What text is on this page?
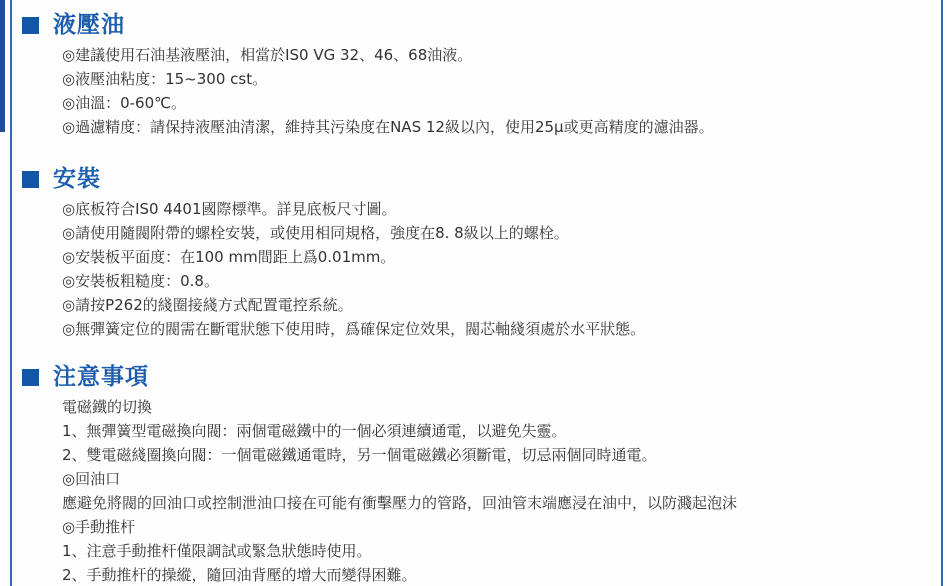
液壓油

◎建議使用石油基液壓油，相當於IS0 VG 32、46、68油液。

◎液壓油粘度：15~300 cst。

◎油溫：0-60℃。

◎過濾精度：請保持液壓油清潔，維持其污染度在NAS 12級以內，使用25μ或更高精度的濾油器。

安裝

◎底板符合IS0 4401國際標準。詳見底板尺寸圖。

◎請使用隨閥附帶的螺栓安裝，或使用相同規格，強度在8. 8級以上的螺栓。

◎安裝板平面度：在100 mm間距上爲0.01mm。

◎安裝板粗糙度：0.8。

◎請按P262的綫圈接綫方式配置電控系統。

◎無彈簧定位的閥需在斷電狀態下使用時，爲確保定位效果，閥芯軸綫須處於水平狀態。

注意事項

電磁鐵的切換

1、無彈簧型電磁換向閥：兩個電磁鐵中的一個必須連續通電，以避免失靈。

2、雙電磁綫圈換向閥：一個電磁鐵通電時，另一個電磁鐵必須斷電，切忌兩個同時通電。

◎回油口

應避免將閥的回油口或控制泄油口接在可能有衝擊壓力的管路，回油管末端應浸在油中，以防濺起泡沫

◎手動推杆

1、注意手動推杆僅限調試或緊急狀態時使用。

2、手動推杆的操縱，隨回油背壓的增大而變得困難。
